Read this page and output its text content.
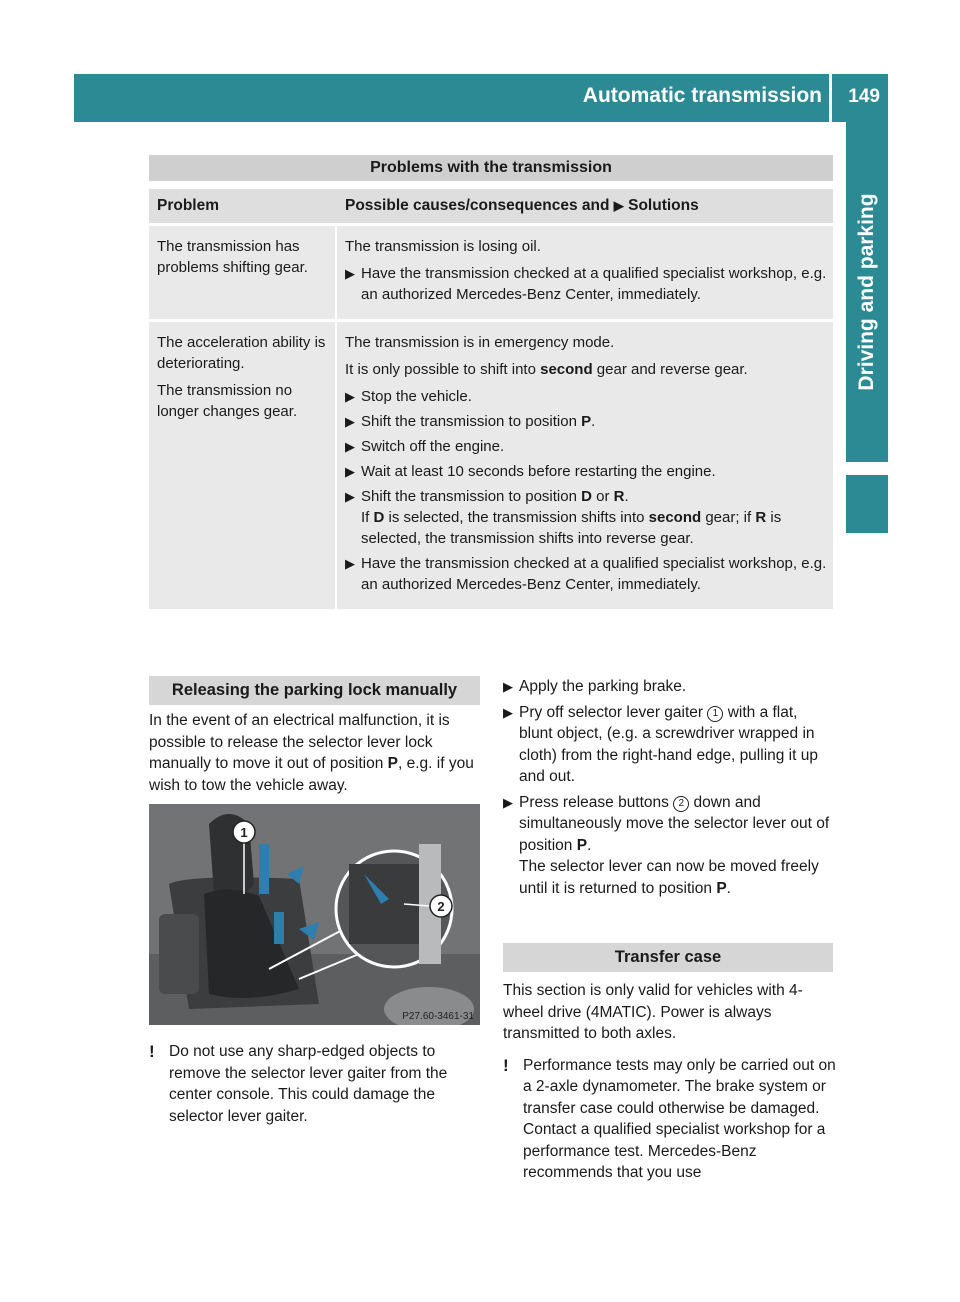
Automatic transmission 149
Driving and parking
Problems with the transmission
Problem	Possible causes/consequences and ▶ Solutions
The transmission has problems shifting gear.

The transmission is losing oil.

▶ Have the transmission checked at a qualified specialist workshop, e.g. an authorized Mercedes-Benz Center, immediately.

The acceleration ability is deteriorating.

The transmission no longer changes gear.

The transmission is in emergency mode.

It is only possible to shift into second gear and reverse gear.

▶ Stop the vehicle.
▶ Shift the transmission to position P.
▶ Switch off the engine.
▶ Wait at least 10 seconds before restarting the engine.
▶ Shift the transmission to position D or R.
If D is selected, the transmission shifts into second gear; if R is selected, the transmission shifts into reverse gear.
▶ Have the transmission checked at a qualified specialist workshop, e.g. an authorized Mercedes-Benz Center, immediately.
Releasing the parking lock manually

In the event of an electrical malfunction, it is possible to release the selector lever lock manually to move it out of position P, e.g. if you wish to tow the vehicle away.

1
2
P27.60-3461-31
! Do not use any sharp-edged objects to remove the selector lever gaiter from the center console. This could damage the selector lever gaiter.
▶ Apply the parking brake.
▶ Pry off selector lever gaiter 1 with a flat, blunt object, (e.g. a screwdriver wrapped in cloth) from the right-hand edge, pulling it up and out.
▶ Press release buttons 2 down and simultaneously move the selector lever out of position P.
The selector lever can now be moved freely until it is returned to position P.
Transfer case

This section is only valid for vehicles with 4-wheel drive (4MATIC). Power is always transmitted to both axles.

! Performance tests may only be carried out on a 2-axle dynamometer. The brake system or transfer case could otherwise be damaged. Contact a qualified specialist workshop for a performance test. Mercedes-Benz recommends that you use
